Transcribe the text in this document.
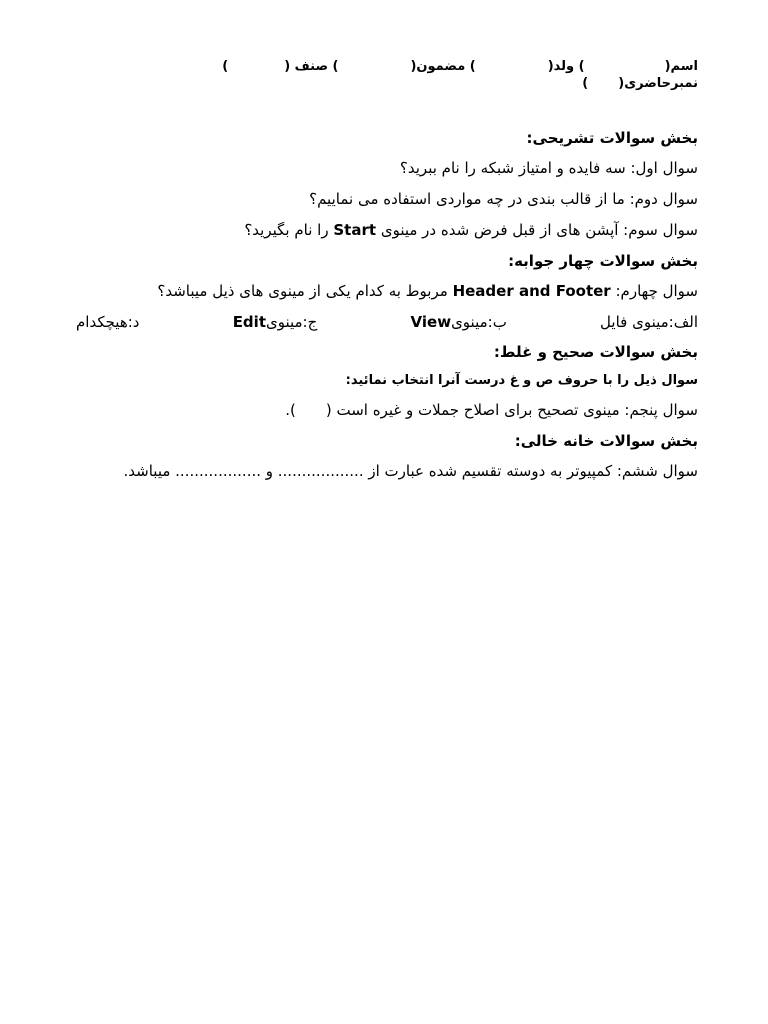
اسم() ولد() مضمون() صنف ()
نمبرحاضری()
بخش سوالات تشریحی:
سوال اول: سه فایده و امتیاز شبکه را نام ببرید؟
سوال دوم: ما از قالب بندی در چه مواردی استفاده می نماییم؟
سوال سوم: آپشن های از قبل فرض شده در مینوی Start را نام بگیرید؟
بخش سوالات چهار جوابه:
سوال چهارم: Header and Footer مربوط به کدام یکی از مینوی های ذیل میباشد؟
الف:مینوی فایل
ب:مینویView
ج:مینویEdit
د:هیچکدام
بخش سوالات صحیح و غلط:
سوال ذیل را با حروف ص و غ درست آنرا انتخاب نمائید:
سوال پنجم: مینوی تصحیح برای اصلاح جملات و غیره است ().
بخش سوالات خانه خالی:
سوال ششم: کمپیوتر به دوسته تقسیم شده عبارت از .................. و .................. میباشد.
